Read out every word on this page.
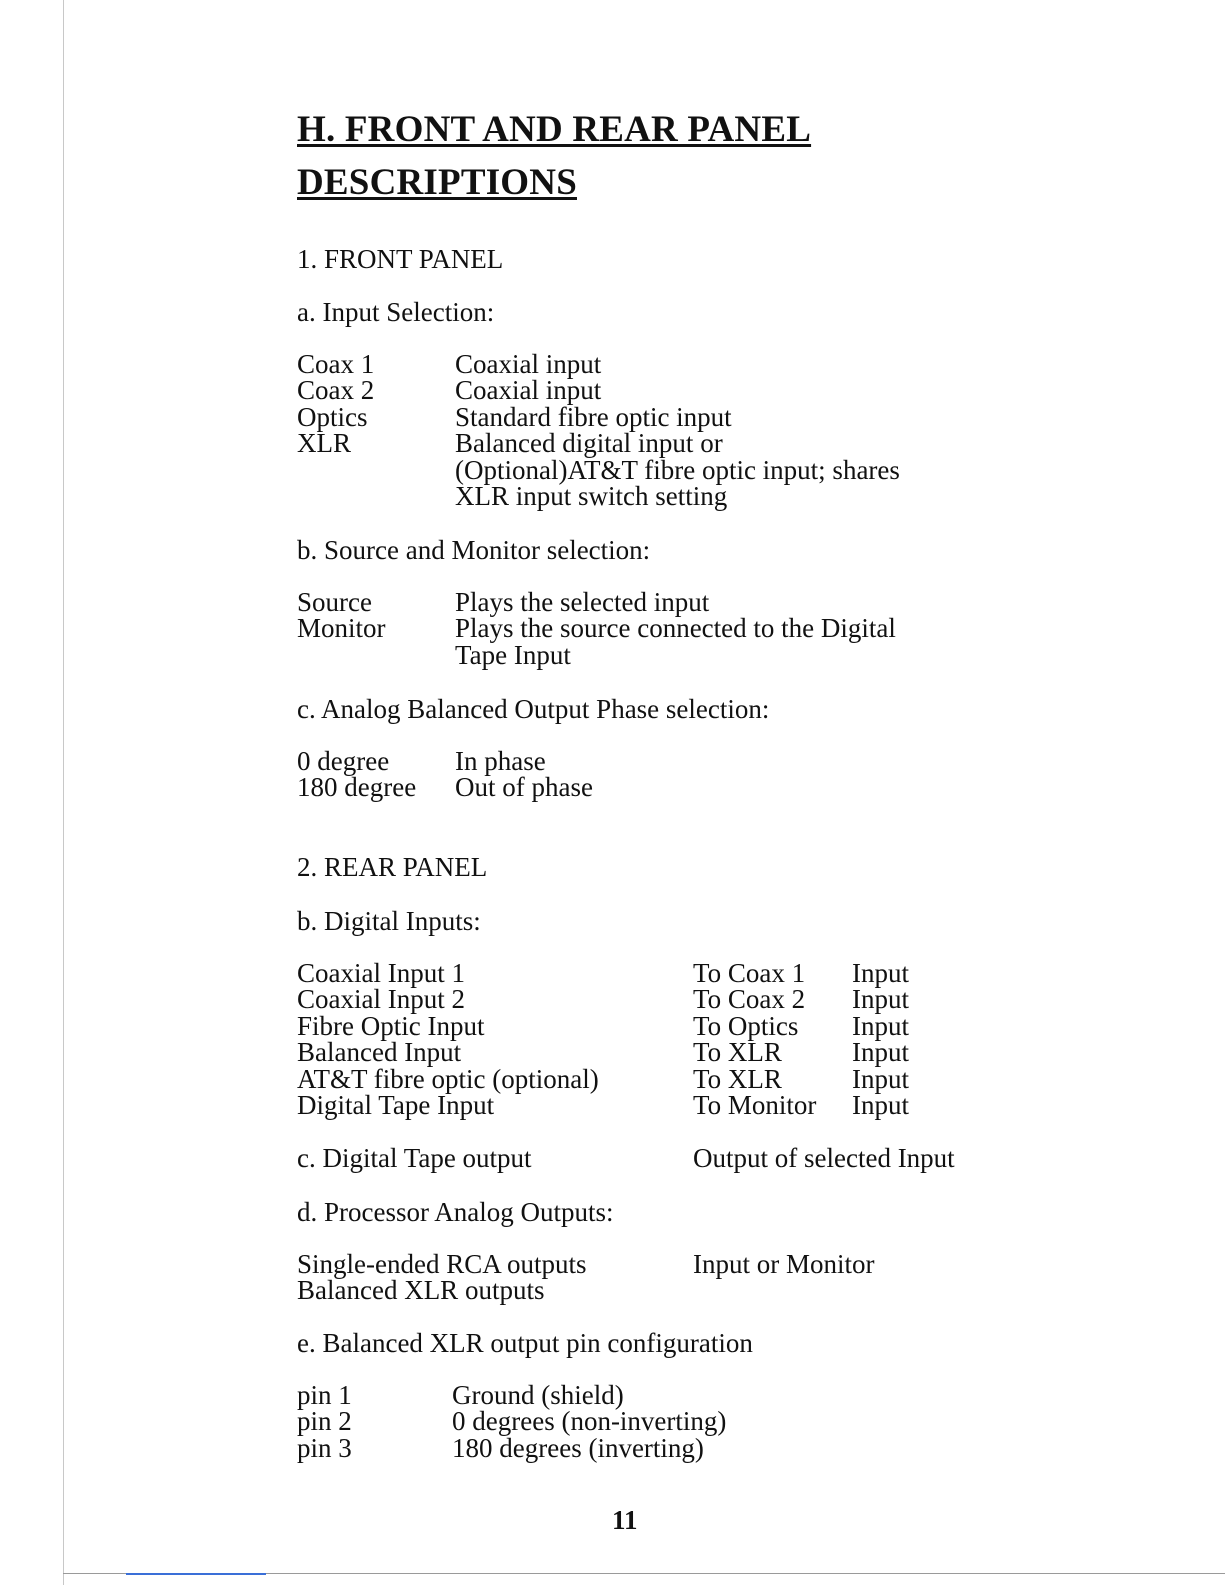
H. FRONT AND REAR PANEL
DESCRIPTIONS
1. FRONT PANEL
a. Input Selection:
Coax 1	Coaxial input
Coax 2	Coaxial input
Optics	Standard fibre optic input
XLR	Balanced digital input or
(Optional)AT&T fibre optic input; shares
XLR input switch setting
b. Source and Monitor selection:
Source	Plays the selected input
Monitor	Plays the source connected to the Digital
Tape Input
c. Analog Balanced Output Phase selection:
0 degree In phase
180 degree Out of phase
2. REAR PANEL
b. Digital Inputs:
Coaxial Input 1	To Coax 1 Input
Coaxial Input 2	To Coax 2 Input
Fibre Optic Input	To Optics Input
Balanced Input	To XLR	Input
AT&T fibre optic (optional)	To XLR	Input
Digital Tape Input	To Monitor Input
c. Digital Tape output	Output of selected Input
d. Processor Analog Outputs:
Single-ended RCA outputs	Input or Monitor
Balanced XLR outputs
e. Balanced XLR output pin configuration
pin 1	Ground (shield)
pin 2	0 degrees (non-inverting)
pin 3	180 degrees (inverting)
11
